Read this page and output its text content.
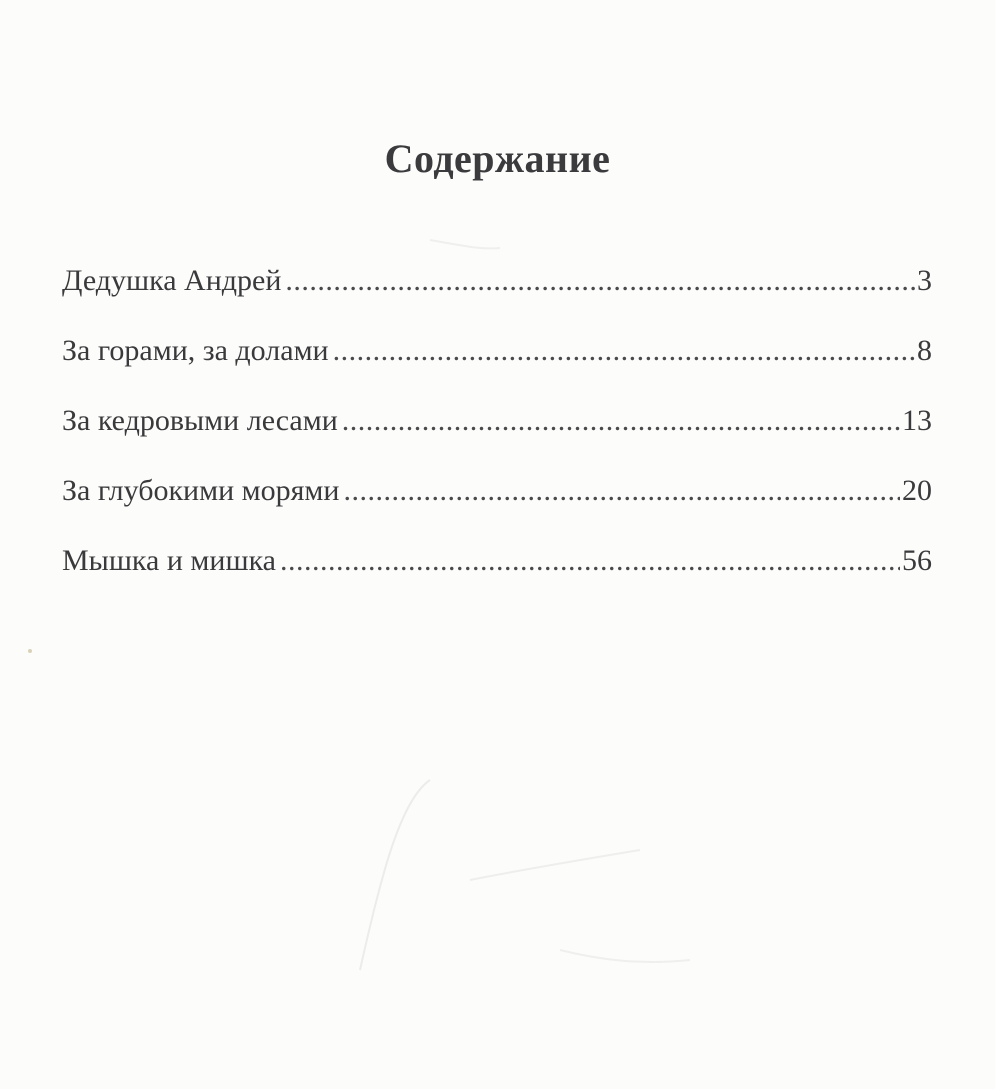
Содержание
Дедушка Андрей .....	3
За горами, за долами .....	8
За кедровыми лесами .....	13
За глубокими морями .....	20
Мышка и мишка .....	56
